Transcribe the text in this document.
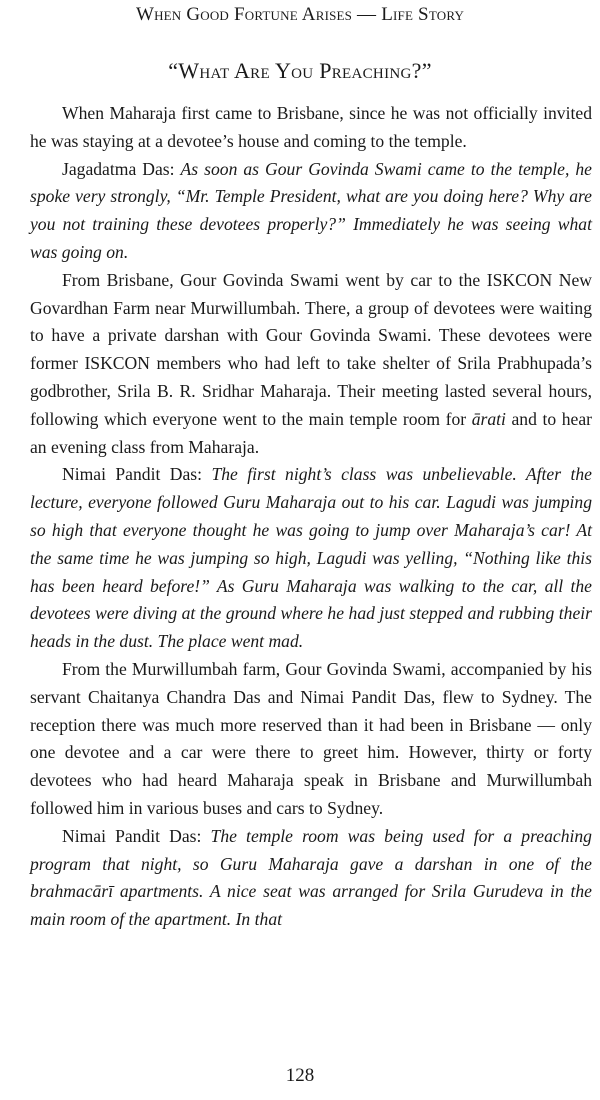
When Good Fortune Arises — Life Story
“What Are You Preaching?”

When Maharaja first came to Brisbane, since he was not officially invited he was staying at a devotee’s house and coming to the temple.

Jagadatma Das: As soon as Gour Govinda Swami came to the temple, he spoke very strongly, “Mr. Temple President, what are you doing here? Why are you not training these devotees properly?” Immediately he was seeing what was going on.

From Brisbane, Gour Govinda Swami went by car to the ISKCON New Govardhan Farm near Murwillumbah. There, a group of devotees were waiting to have a private darshan with Gour Govinda Swami. These devotees were former ISKCON members who had left to take shelter of Srila Prabhupada’s godbrother, Srila B. R. Sridhar Maharaja. Their meeting lasted several hours, following which everyone went to the main temple room for ārati and to hear an evening class from Maharaja.

Nimai Pandit Das: The first night’s class was unbelievable. After the lecture, everyone followed Guru Maharaja out to his car. Lagudi was jumping so high that everyone thought he was going to jump over Maharaja’s car! At the same time he was jumping so high, Lagudi was yelling, “Nothing like this has been heard before!” As Guru Maharaja was walking to the car, all the devotees were diving at the ground where he had just stepped and rubbing their heads in the dust. The place went mad.

From the Murwillumbah farm, Gour Govinda Swami, accompanied by his servant Chaitanya Chandra Das and Nimai Pandit Das, flew to Sydney. The reception there was much more reserved than it had been in Brisbane — only one devotee and a car were there to greet him. However, thirty or forty devotees who had heard Maharaja speak in Brisbane and Murwillumbah followed him in various buses and cars to Sydney.

Nimai Pandit Das: The temple room was being used for a preaching program that night, so Guru Maharaja gave a darshan in one of the brahmacārī apartments. A nice seat was arranged for Srila Gurudeva in the main room of the apartment. In that

128
